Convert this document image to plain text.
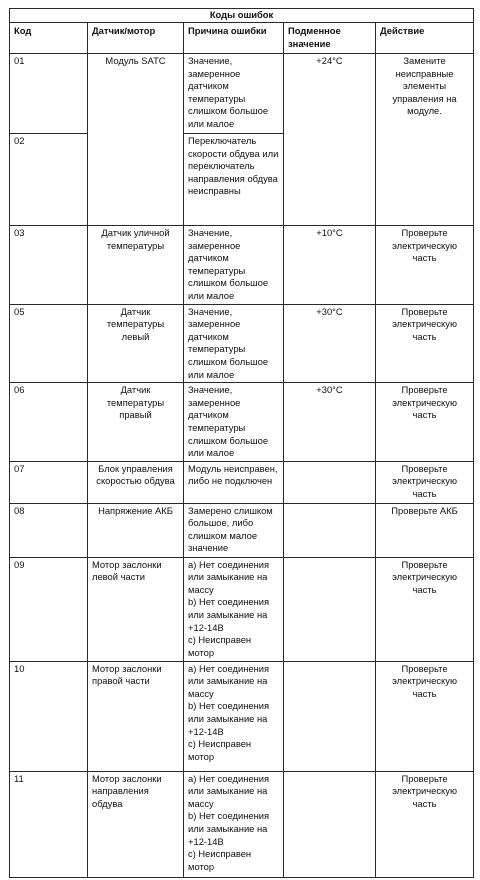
Коды ошибок				
Код	Датчик/мотор	Причина ошибки	Подменное значение	Действие
01	Модуль SATC	Значение, замеренное датчиком температуры слишком большое или малое	+24°C	Замените неисправные элементы управления на модуле.
02		Переключатель скорости обдува или переключатель направления обдува неисправны		
03	Датчик уличной температуры	Значение, замеренное датчиком температуры слишком большое или малое	+10°C	Проверьте электрическую часть
05	Датчик температуры левый	Значение, замеренное датчиком температуры слишком большое или малое	+30°C	Проверьте электрическую часть
06	Датчик температуры правый	Значение, замеренное датчиком температуры слишком большое или малое	+30°C	Проверьте электрическую часть
07	Блок управления скоростью обдува	Модуль неисправен, либо не подключен		Проверьте электрическую часть
08	Напряжение АКБ	Замерено слишком большое, либо слишком малое значение		Проверьте АКБ
09	Мотор заслонки левой части	a) Нет соединения или замыкание на массу
b) Нет соединения или замыкание на +12-14В
c) Неисправен мотор		Проверьте электрическую часть
10	Мотор заслонки правой части	a) Нет соединения или замыкание на массу
b) Нет соединения или замыкание на +12-14В
c) Неисправен мотор		Проверьте электрическую часть
11	Мотор заслонки направления обдува	a) Нет соединения или замыкание на массу
b) Нет соединения или замыкание на +12-14В
c) Неисправен мотор		Проверьте электрическую часть
